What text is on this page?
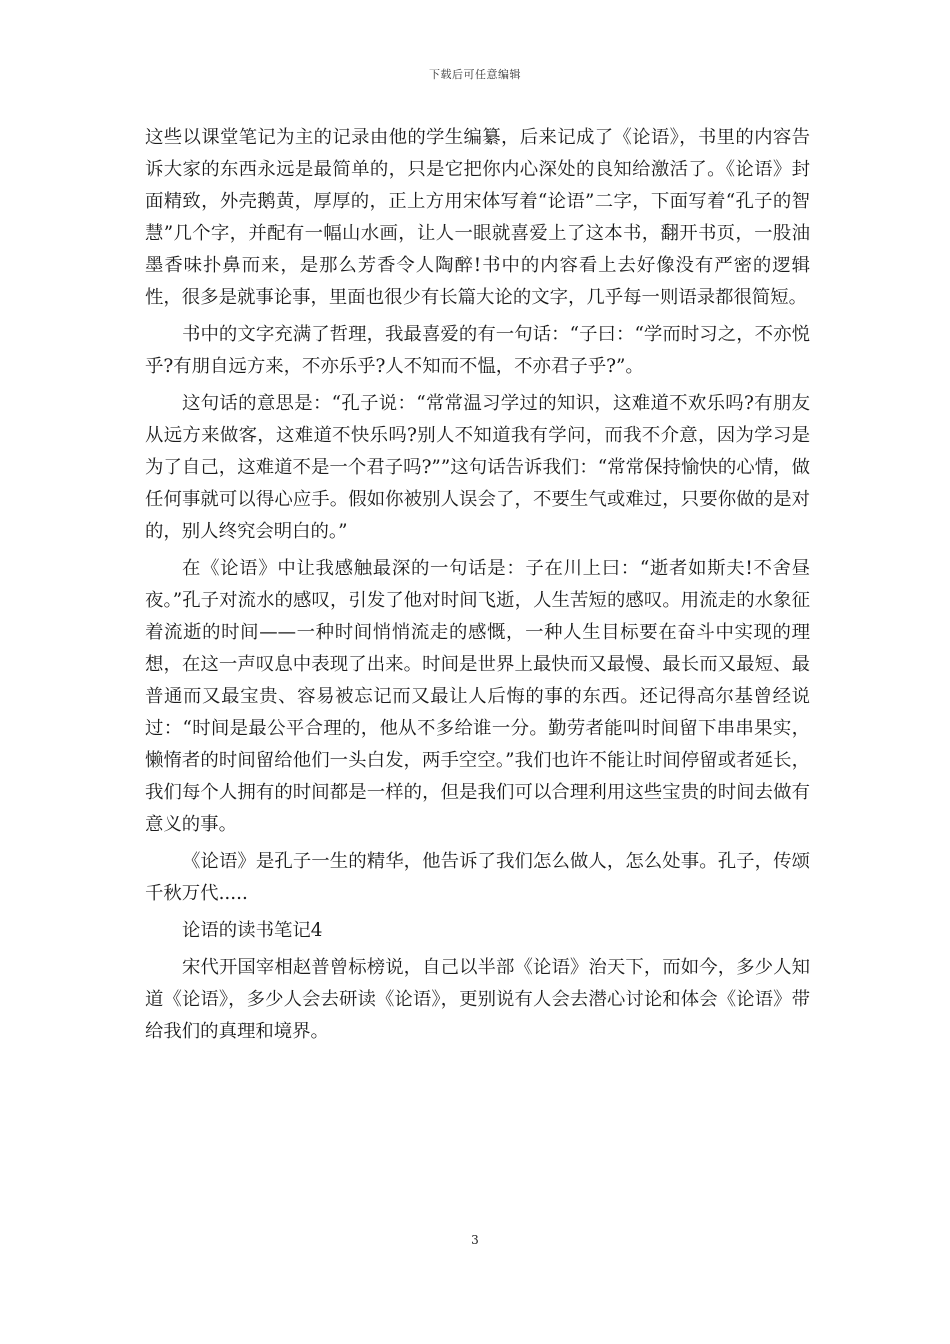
下载后可任意编辑

这些以课堂笔记为主的记录由他的学生编纂，后来记成了《论语》，书里的内容告诉大家的东西永远是最简单的，只是它把你内心深处的良知给激活了。《论语》封面精致，外壳鹅黄，厚厚的，正上方用宋体写着“论语”二字，下面写着“孔子的智慧”几个字，并配有一幅山水画，让人一眼就喜爱上了这本书，翻开书页，一股油墨香味扑鼻而来，是那么芳香令人陶醉!书中的内容看上去好像没有严密的逻辑性，很多是就事论事，里面也很少有长篇大论的文字，几乎每一则语录都很简短。

书中的文字充满了哲理，我最喜爱的有一句话：“子曰：“学而时习之，不亦悦乎?有朋自远方来，不亦乐乎?人不知而不愠，不亦君子乎?”。

这句话的意思是：“孔子说：“常常温习学过的知识，这难道不欢乐吗?有朋友从远方来做客，这难道不快乐吗?别人不知道我有学问，而我不介意，因为学习是为了自己，这难道不是一个君子吗?””这句话告诉我们：“常常保持愉快的心情，做任何事就可以得心应手。假如你被别人误会了，不要生气或难过，只要你做的是对的，别人终究会明白的。”

在《论语》中让我感触最深的一句话是：子在川上曰：“逝者如斯夫!不舍昼夜。”孔子对流水的感叹，引发了他对时间飞逝，人生苦短的感叹。用流走的水象征着流逝的时间——一种时间悄悄流走的感慨，一种人生目标要在奋斗中实现的理想，在这一声叹息中表现了出来。时间是世界上最快而又最慢、最长而又最短、最普通而又最宝贵、容易被忘记而又最让人后悔的事的东西。还记得高尔基曾经说过：“时间是最公平合理的，他从不多给谁一分。勤劳者能叫时间留下串串果实，懒惰者的时间留给他们一头白发，两手空空。”我们也许不能让时间停留或者延长，我们每个人拥有的时间都是一样的，但是我们可以合理利用这些宝贵的时间去做有意义的事。

《论语》是孔子一生的精华，他告诉了我们怎么做人，怎么处事。孔子，传颂千秋万代.....

论语的读书笔记4

宋代开国宰相赵普曾标榜说，自己以半部《论语》治天下，而如今，多少人知道《论语》，多少人会去研读《论语》，更别说有人会去潜心讨论和体会《论语》带给我们的真理和境界。

3
